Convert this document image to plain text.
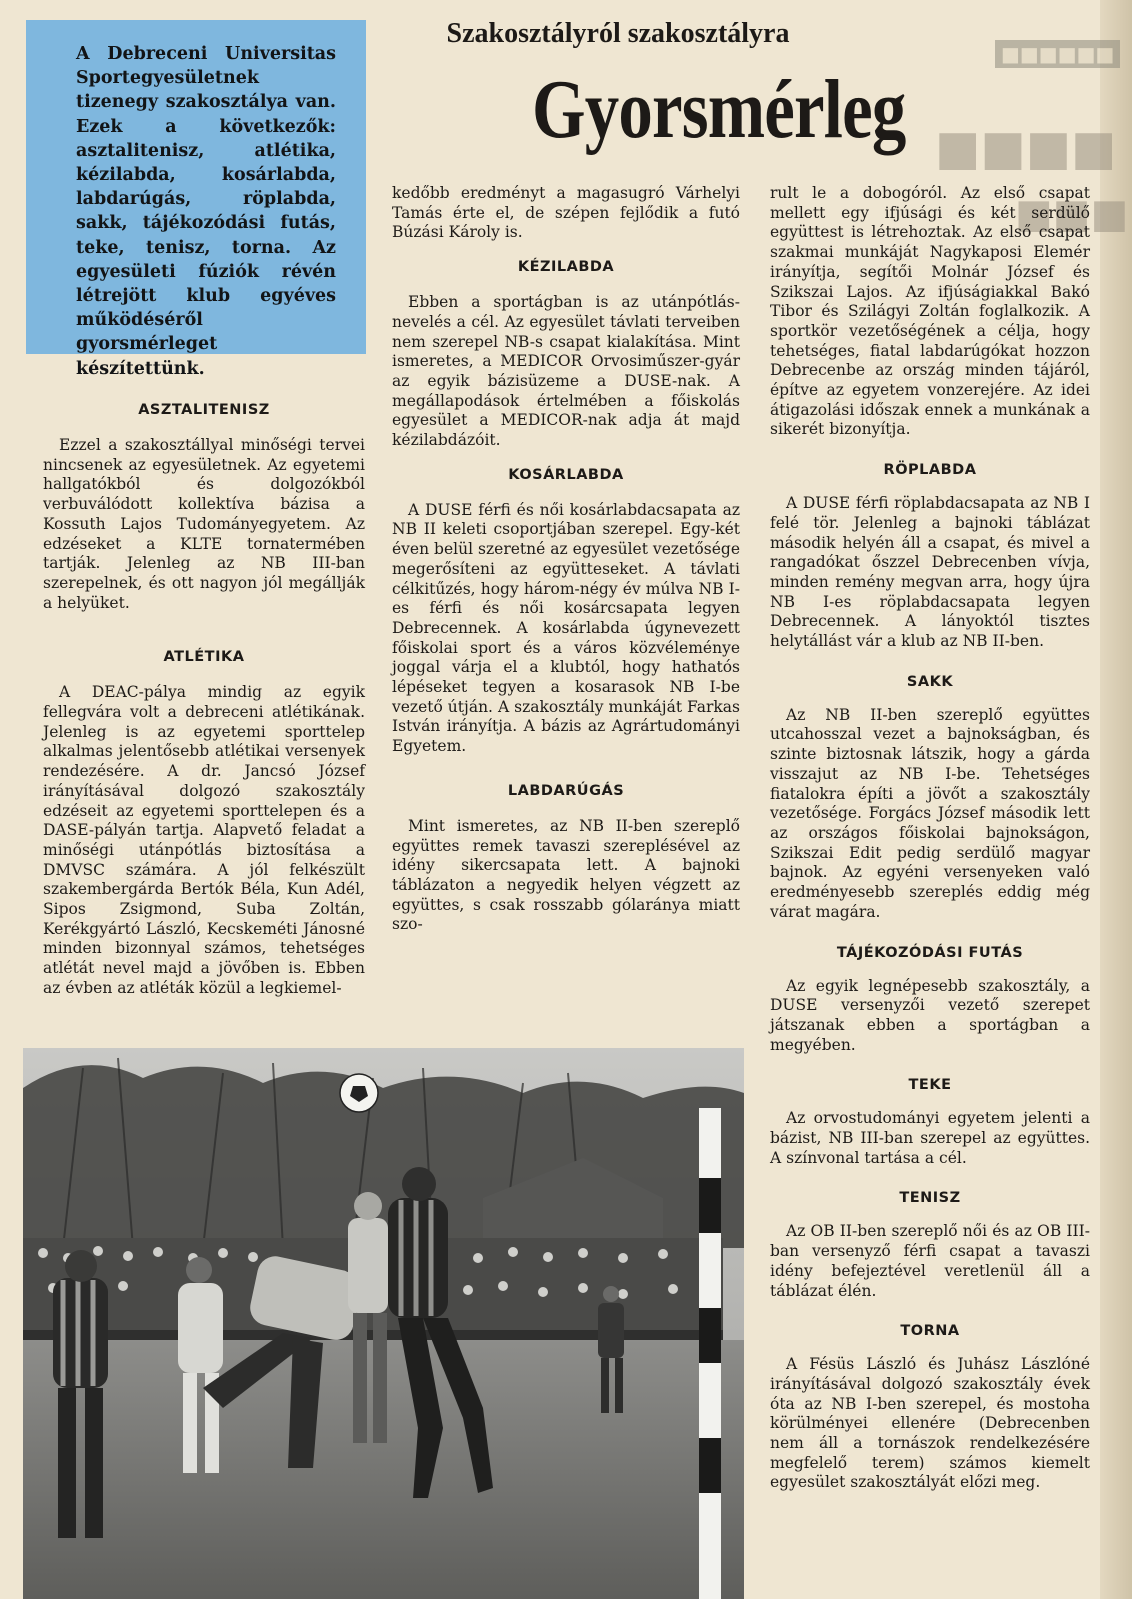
■■■■■■
■■■■
■■■

A Debreceni Universitas Sportegyesületnek tizenegy szakosztálya van. Ezek a következők: asztalitenisz, atlétika, kézilabda, kosárlabda, labdarúgás, röplabda, sakk, tájékozódási futás, teke, tenisz, torna. Az egyesületi fúziók révén létrejött klub egyéves működéséről gyorsmérleget készítettünk.

Szakosztályról szakosztályra
Gyorsmérleg
ASZTALITENISZ

Ezzel a szakosztállyal minőségi tervei nincsenek az egyesületnek. Az egyetemi hallgatókból és dolgozókból verbuválódott kollektíva bázisa a Kossuth Lajos Tudományegyetem. Az edzéseket a KLTE tornatermében tartják. Jelenleg az NB III-ban szerepelnek, és ott nagyon jól megállják a helyüket.

ATLÉTIKA

A DEAC-pálya mindig az egyik fellegvára volt a debreceni atlétikának. Jelenleg is az egyetemi sporttelep alkalmas jelentősebb atlétikai versenyek rendezésére. A dr. Jancsó József irányításával dolgozó szakosztály edzéseit az egyetemi sporttelepen és a DASE-pályán tartja. Alapvető feladat a minőségi utánpótlás biztosítása a DMVSC számára. A jól felkészült szakembergárda Bertók Béla, Kun Adél, Sipos Zsigmond, Suba Zoltán, Kerékgyártó László, Kecskeméti Jánosné minden bizonnyal számos, tehetséges atlétát nevel majd a jövőben is. Ebben az évben az atléták közül a legkiemel-

kedőbb eredményt a magasugró Várhelyi Tamás érte el, de szépen fejlődik a futó Búzási Károly is.

KÉZILABDA

Ebben a sportágban is az utánpótlás-nevelés a cél. Az egyesület távlati terveiben nem szerepel NB-s csapat kialakítása. Mint ismeretes, a MEDICOR Orvosiműszer-gyár az egyik bázisüzeme a DUSE-nak. A megállapodások értelmében a főiskolás egyesület a MEDICOR-nak adja át majd kézilabdázóit.

KOSÁRLABDA

A DUSE férfi és női kosárlabdacsapata az NB II keleti csoportjában szerepel. Egy-két éven belül szeretné az egyesület vezetősége megerősíteni az együtteseket. A távlati célkitűzés, hogy három-négy év múlva NB I-es férfi és női kosárcsapata legyen Debrecennek. A kosárlabda úgynevezett főiskolai sport és a város közvéleménye joggal várja el a klubtól, hogy hathatós lépéseket tegyen a kosarasok NB I-be vezető útján. A szakosztály munkáját Farkas István irányítja. A bázis az Agrártudományi Egyetem.

LABDARÚGÁS

Mint ismeretes, az NB II-ben szereplő együttes remek tavaszi szereplésével az idény sikercsapata lett. A bajnoki táblázaton a negyedik helyen végzett az együttes, s csak rosszabb gólaránya miatt szo-

rult le a dobogóról. Az első csapat mellett egy ifjúsági és két serdülő együttest is létrehoztak. Az első csapat szakmai munkáját Nagykaposi Elemér irányítja, segítői Molnár József és Szikszai Lajos. Az ifjúságiakkal Bakó Tibor és Szilágyi Zoltán foglalkozik. A sportkör vezetőségének a célja, hogy tehetséges, fiatal labdarúgókat hozzon Debrecenbe az ország minden tájáról, építve az egyetem vonzerejére. Az idei átigazolási időszak ennek a munkának a sikerét bizonyítja.

RÖPLABDA

A DUSE férfi röplabdacsapata az NB I felé tör. Jelenleg a bajnoki táblázat második helyén áll a csapat, és mivel a rangadókat őszzel Debrecenben vívja, minden remény megvan arra, hogy újra NB I-es röplabdacsapata legyen Debrecennek. A lányoktól tisztes helytállást vár a klub az NB II-ben.

SAKK

Az NB II-ben szereplő együttes utcahosszal vezet a bajnokságban, és szinte biztosnak látszik, hogy a gárda visszajut az NB I-be. Tehetséges fiatalokra építi a jövőt a szakosztály vezetősége. Forgács József második lett az országos főiskolai bajnokságon, Szikszai Edit pedig serdülő magyar bajnok. Az egyéni versenyeken való eredményesebb szereplés eddig még várat magára.

TÁJÉKOZÓDÁSI FUTÁS

Az egyik legnépesebb szakosztály, a DUSE versenyzői vezető szerepet játszanak ebben a sportágban a megyében.

TEKE

Az orvostudományi egyetem jelenti a bázist, NB III-ban szerepel az együttes. A színvonal tartása a cél.

TENISZ

Az OB II-ben szereplő női és az OB III-ban versenyző férfi csapat a tavaszi idény befejeztével veretlenül áll a táblázat élén.

TORNA

A Fésüs László és Juhász Lászlóné irányításával dolgozó szakosztály évek óta az NB I-ben szerepel, és mostoha körülményei ellenére (Debrecenben nem áll a tornászok rendelkezésére megfelelő terem) számos kiemelt egyesület szakosztályát előzi meg.
